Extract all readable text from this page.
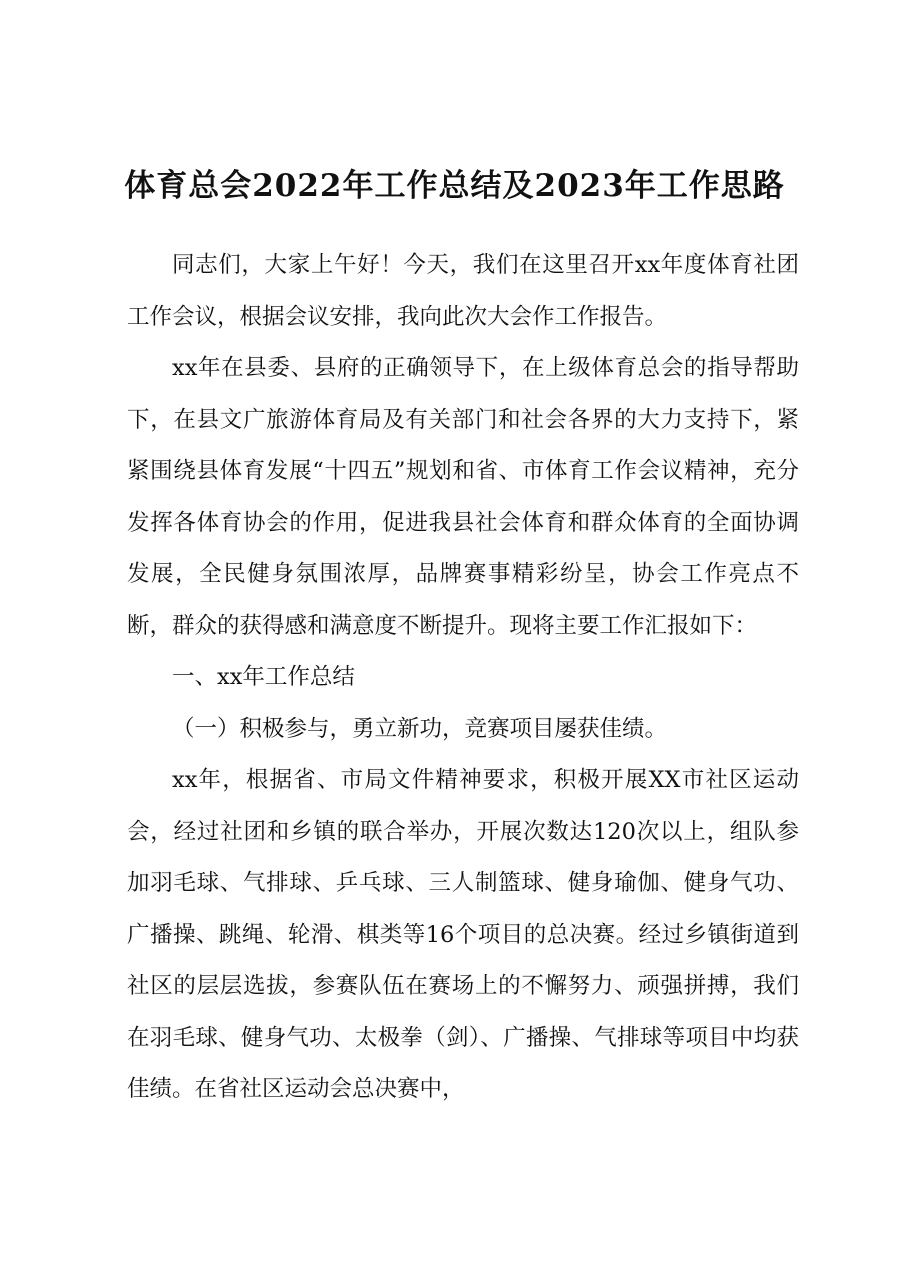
体育总会2022年工作总结及2023年工作思路

同志们，大家上午好！今天，我们在这里召开xx年度体育社团工作会议，根据会议安排，我向此次大会作工作报告。

xx年在县委、县府的正确领导下，在上级体育总会的指导帮助下，在县文广旅游体育局及有关部门和社会各界的大力支持下，紧紧围绕县体育发展“十四五”规划和省、市体育工作会议精神，充分发挥各体育协会的作用，促进我县社会体育和群众体育的全面协调发展，全民健身氛围浓厚，品牌赛事精彩纷呈，协会工作亮点不断，群众的获得感和满意度不断提升。现将主要工作汇报如下：

一、xx年工作总结

（一）积极参与，勇立新功，竞赛项目屡获佳绩。

xx年，根据省、市局文件精神要求，积极开展XX市社区运动会，经过社团和乡镇的联合举办，开展次数达120次以上，组队参加羽毛球、气排球、乒乓球、三人制篮球、健身瑜伽、健身气功、广播操、跳绳、轮滑、棋类等16个项目的总决赛。经过乡镇街道到社区的层层选拔，参赛队伍在赛场上的不懈努力、顽强拼搏，我们在羽毛球、健身气功、太极拳（剑）、广播操、气排球等项目中均获佳绩。在省社区运动会总决赛中，
